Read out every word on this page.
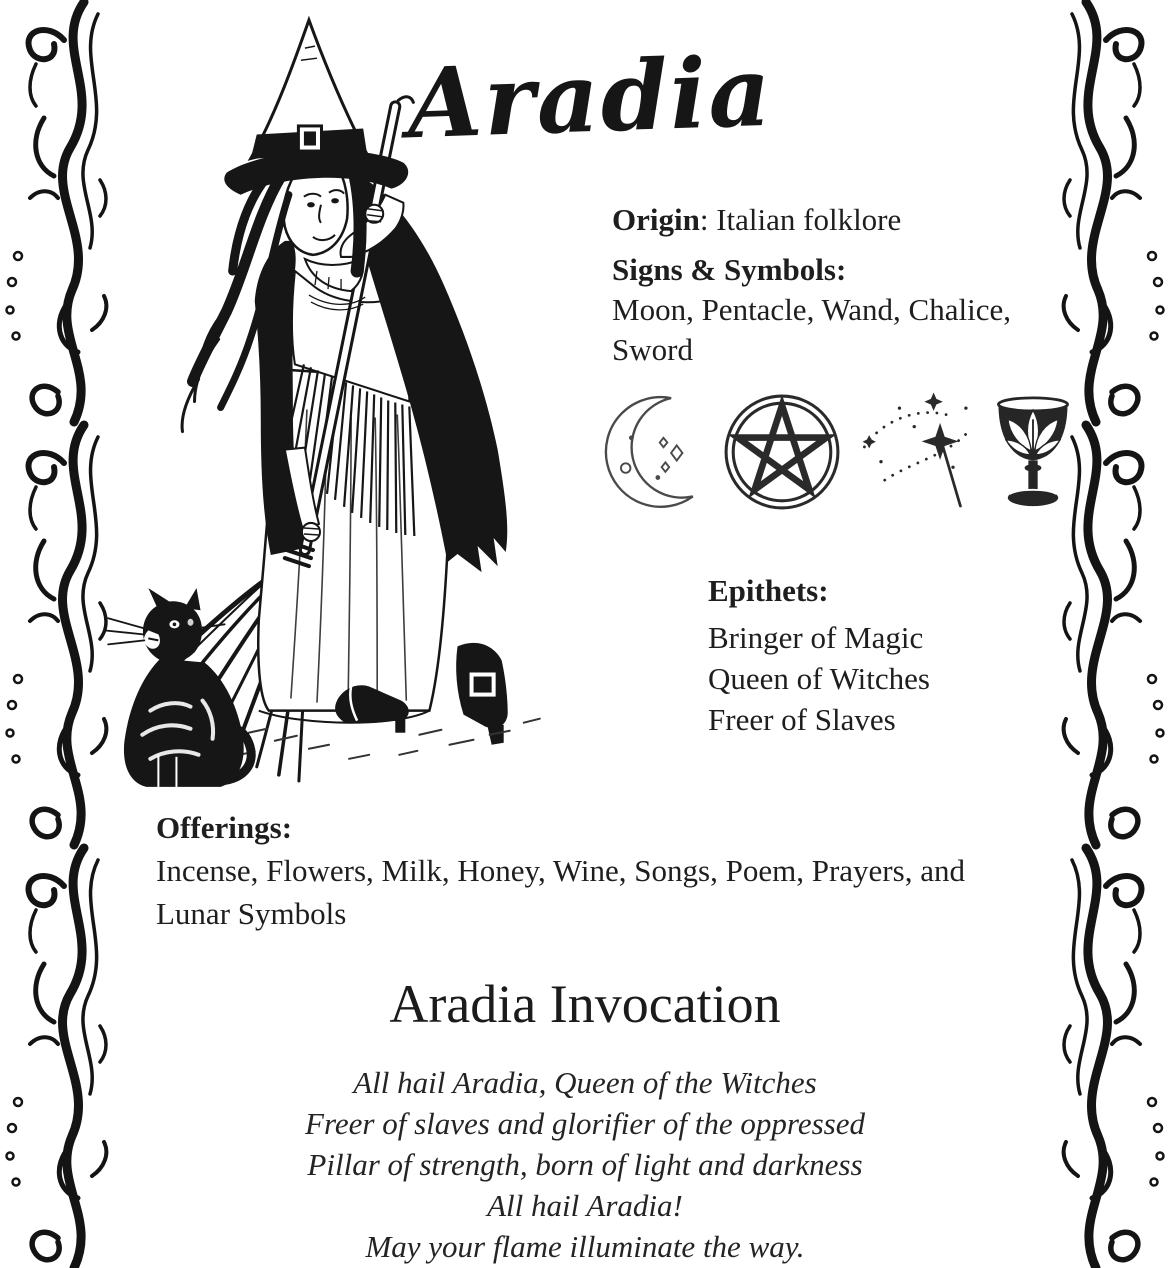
Aradia
Origin: Italian folklore
Signs & Symbols:
Moon, Pentacle, Wand, Chalice, Sword
Epithets:
Bringer of Magic
Queen of Witches
Freer of Slaves
Offerings:
Incense, Flowers, Milk, Honey, Wine, Songs, Poem, Prayers, and Lunar Symbols
Aradia Invocation
All hail Aradia, Queen of the Witches
Freer of slaves and glorifier of the oppressed
Pillar of strength, born of light and darkness
All hail Aradia!
May your flame illuminate the way.
